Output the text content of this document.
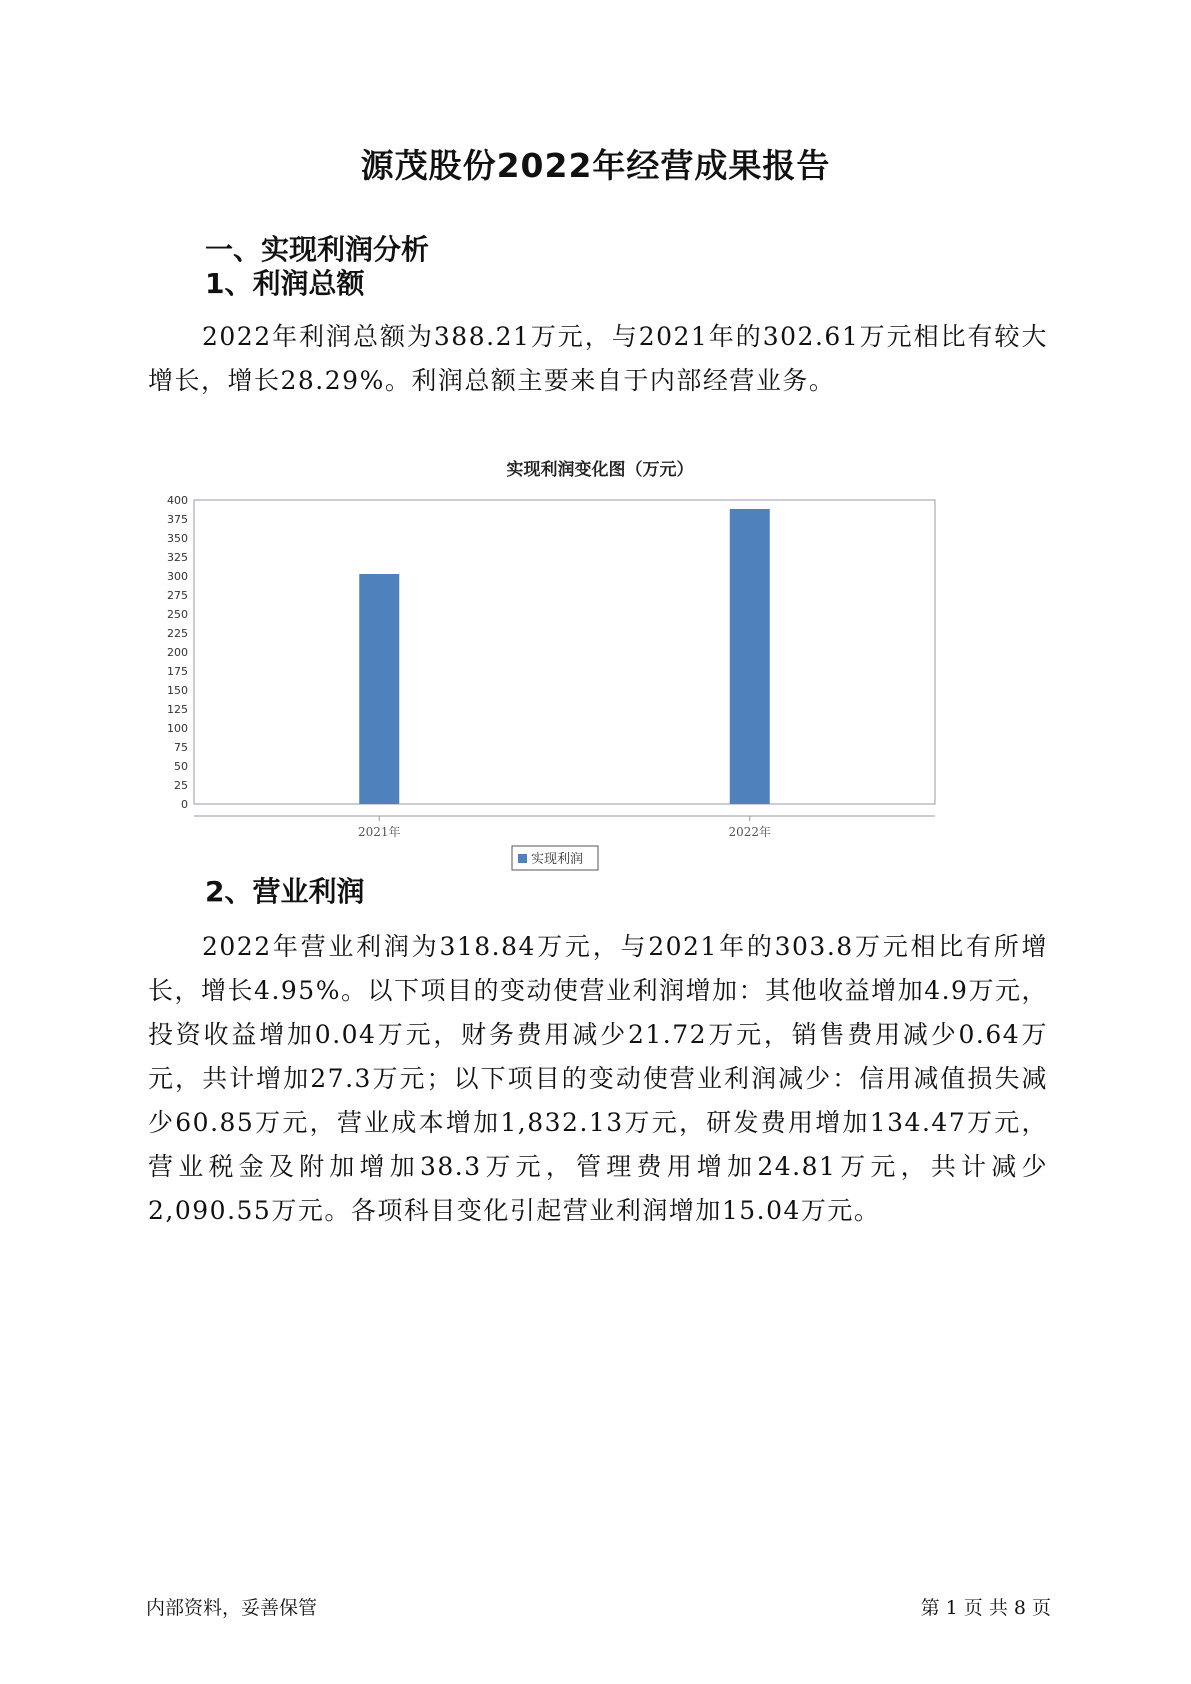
源茂股份2022年经营成果报告
一、实现利润分析
1、利润总额
2022年利润总额为388.21万元，与2021年的302.61万元相比有较大增长，增长28.29%。利润总额主要来自于内部经营业务。
实现利润变化图（万元）
0
25
50
75
100
125
150
175
200
225
250
275
300
325
350
375
400
2021年	2022年
实现利润
2、营业利润
2022年营业利润为318.84万元，与2021年的303.8万元相比有所增长，增长4.95%。以下项目的变动使营业利润增加：其他收益增加4.9万元，投资收益增加0.04万元，财务费用减少21.72万元，销售费用减少0.64万元，共计增加27.3万元；以下项目的变动使营业利润减少：信用减值损失减少60.85万元，营业成本增加1,832.13万元，研发费用增加134.47万元，营业税金及附加增加38.3万元，管理费用增加24.81万元，共计减少2,090.55万元。各项科目变化引起营业利润增加15.04万元。
内部资料，妥善保管	第 1 页 共 8 页
